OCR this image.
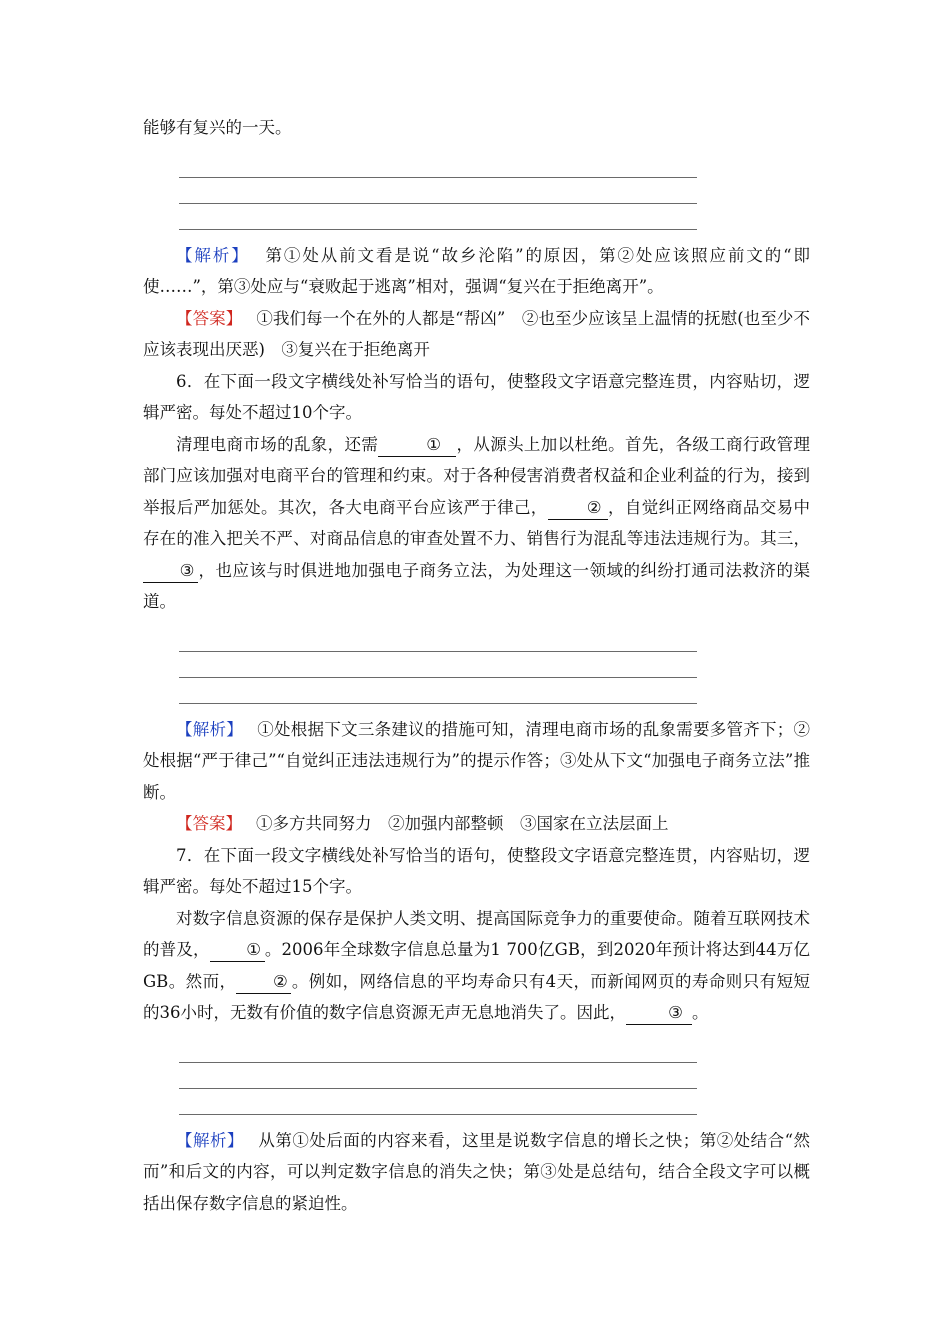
能够有复兴的一天。

【解析】 第①处从前文看是说“故乡沦陷”的原因，第②处应该照应前文的“即使……”，第③处应与“衰败起于逃离”相对，强调“复兴在于拒绝离开”。

【答案】 ①我们每一个在外的人都是“帮凶”　②也至少应该呈上温情的抚慰(也至少不应该表现出厌恶)　③复兴在于拒绝离开

6．在下面一段文字横线处补写恰当的语句，使整段文字语意完整连贯，内容贴切，逻辑严密。每处不超过10个字。

清理电商市场的乱象，还需	① ，从源头上加以杜绝。首先，各级工商行政管理部门应该加强对电商平台的管理和约束。对于各种侵害消费者权益和企业利益的行为，接到举报后严加惩处。其次，各大电商平台应该严于律己， ② ，自觉纠正网络商品交易中存在的准入把关不严、对商品信息的审查处置不力、销售行为混乱等违法违规行为。其三，③ ，也应该与时俱进地加强电子商务立法，为处理这一领域的纠纷打通司法救济的渠道。

【解析】 ①处根据下文三条建议的措施可知，清理电商市场的乱象需要多管齐下；②处根据“严于律己”“自觉纠正违法违规行为”的提示作答；③处从下文“加强电子商务立法”推断。

【答案】 ①多方共同努力　②加强内部整顿　③国家在立法层面上

7．在下面一段文字横线处补写恰当的语句，使整段文字语意完整连贯，内容贴切，逻辑严密。每处不超过15个字。

对数字信息资源的保存是保护人类文明、提高国际竞争力的重要使命。随着互联网技术的普及， ① 。2006年全球数字信息总量为1 700亿GB，到2020年预计将达到44万亿GB。然而， ② 。例如，网络信息的平均寿命只有4天，而新闻网页的寿命则只有短短的36小时，无数有价值的数字信息资源无声无息地消失了。因此，	③ 。

【解析】 从第①处后面的内容来看，这里是说数字信息的增长之快；第②处结合“然而”和后文的内容，可以判定数字信息的消失之快；第③处是总结句，结合全段文字可以概括出保存数字信息的紧迫性。
